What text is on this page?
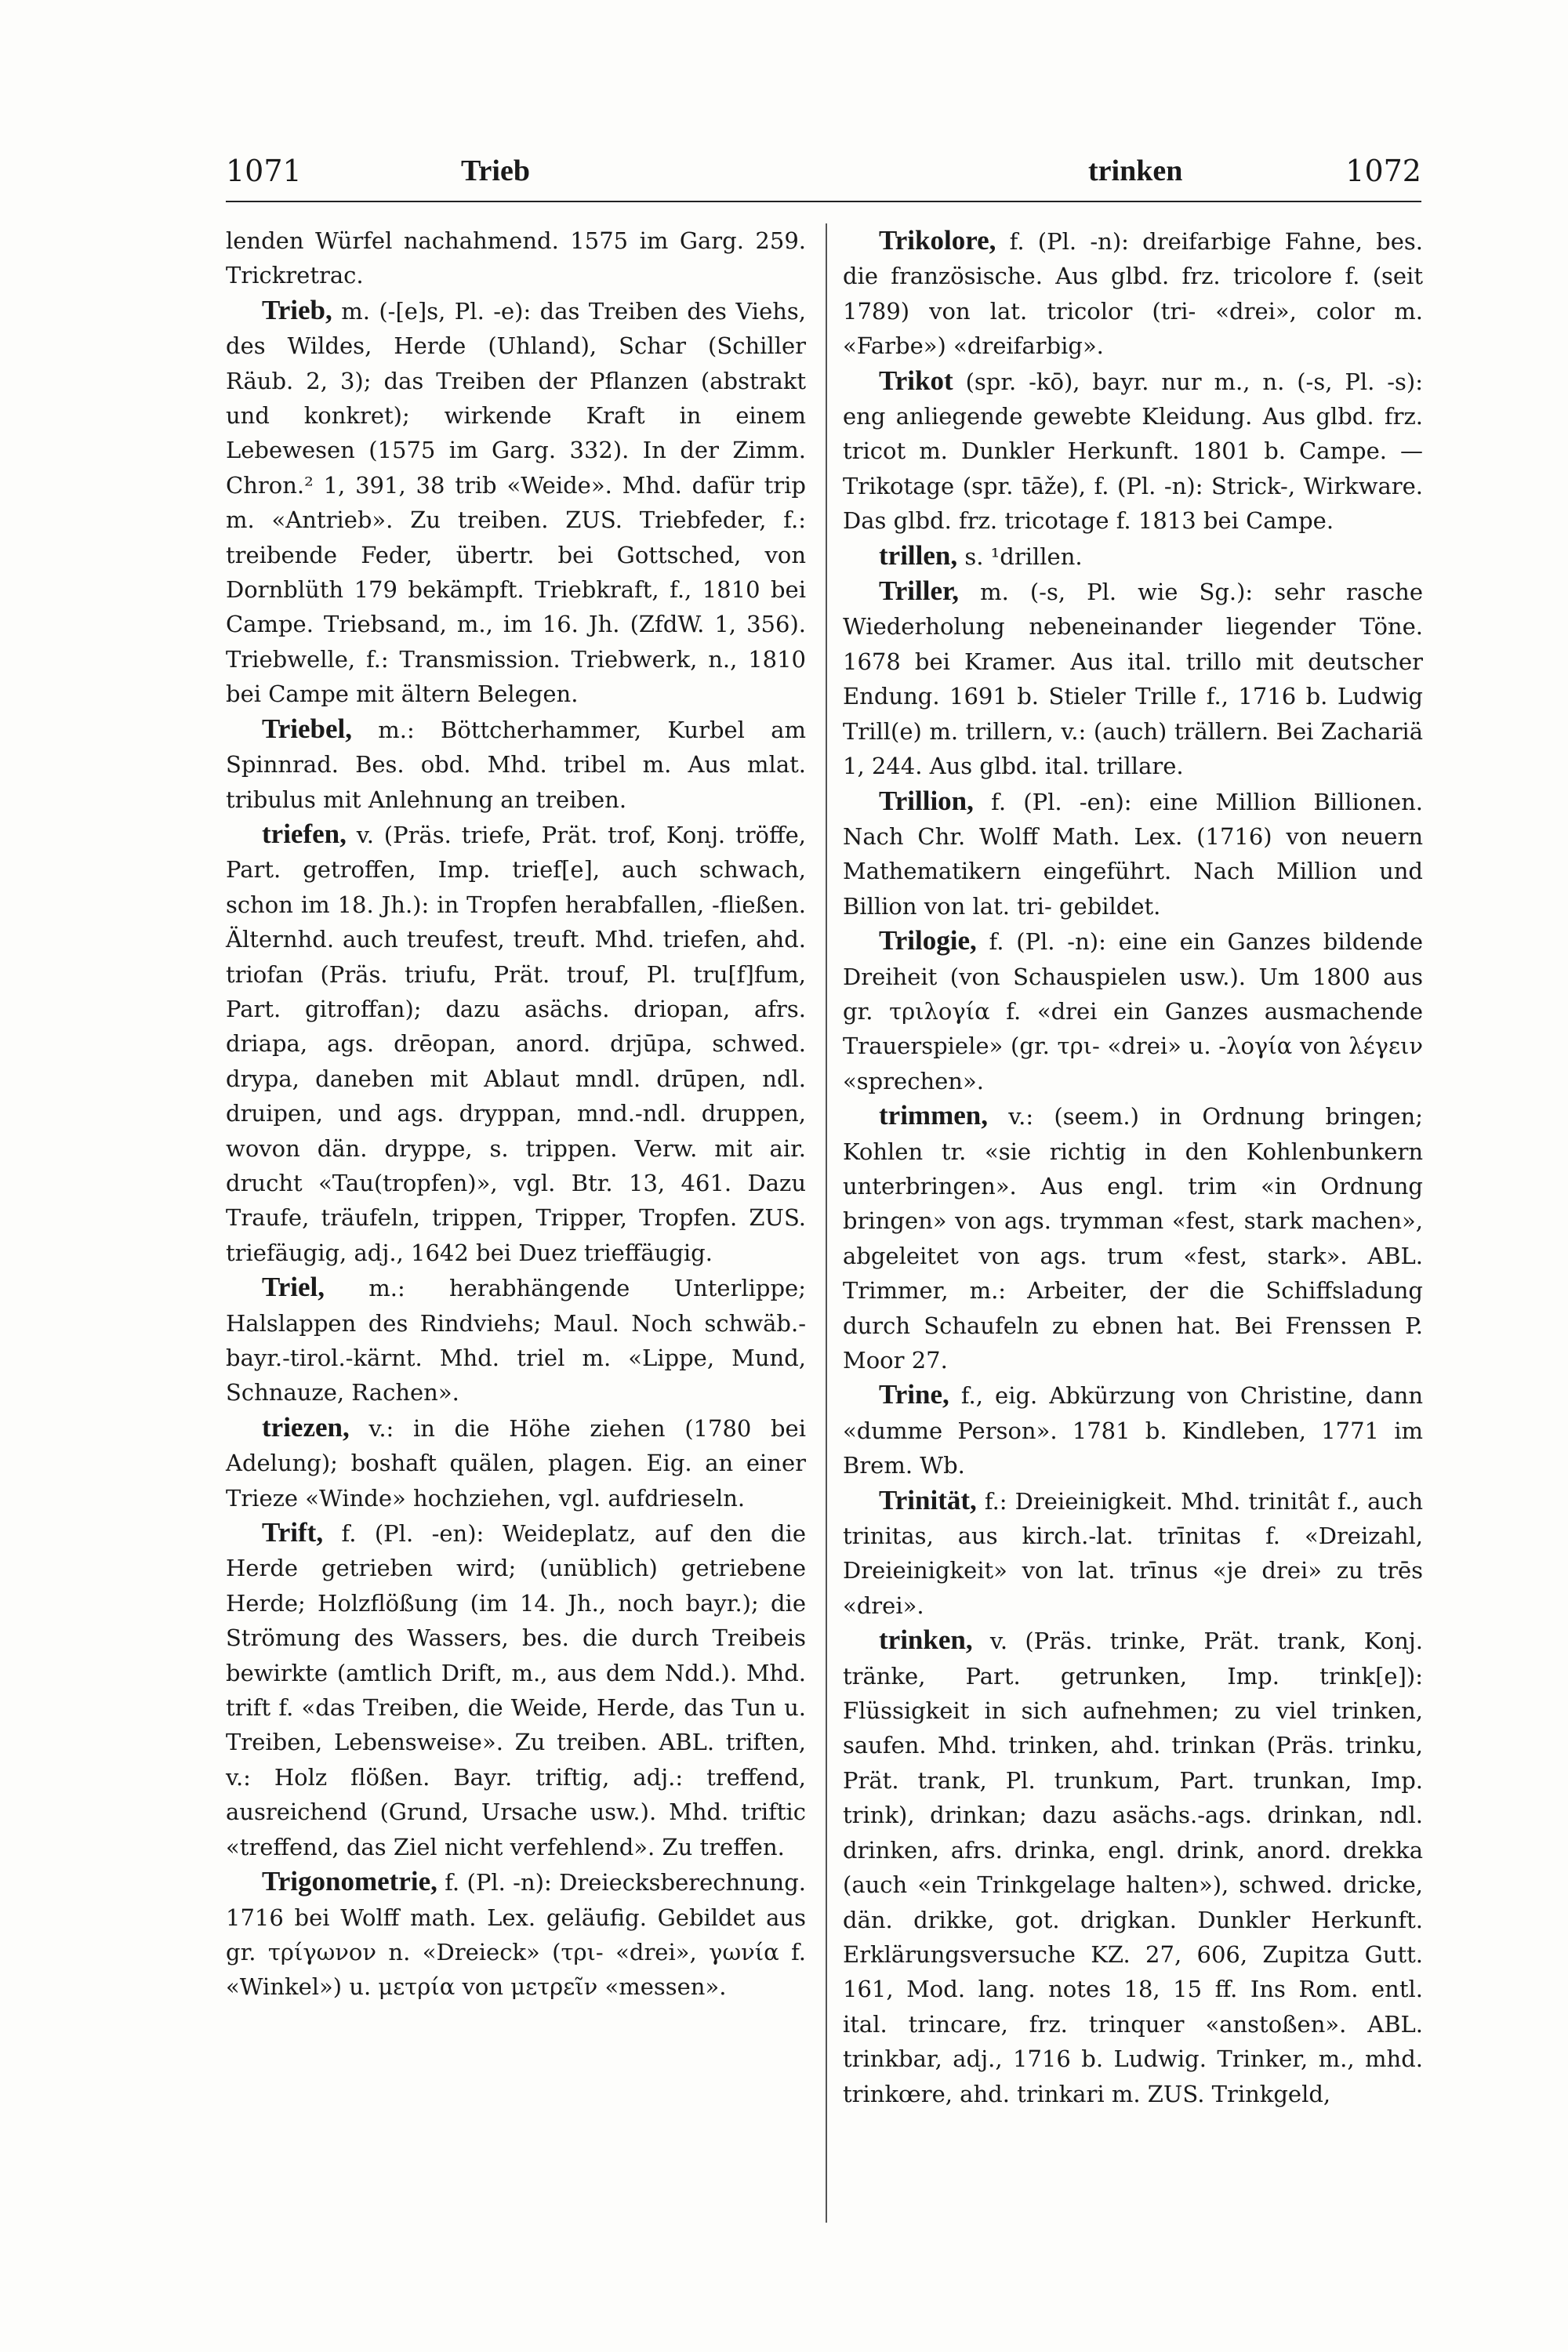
1071	Trieb	trinken	1072

lenden Würfel nachahmend. 1575 im Garg. 259. Trickretrac.

Trieb, m. (-[e]s, Pl. -e): das Treiben des Viehs, des Wildes, Herde (Uhland), Schar (Schiller Räub. 2, 3); das Treiben der Pflanzen (abstrakt und konkret); wirkende Kraft in einem Lebewesen (1575 im Garg. 332). In der Zimm. Chron.² 1, 391, 38 trib «Weide». Mhd. dafür trip m. «Antrieb». Zu treiben. ZUS. Triebfeder, f.: treibende Feder, übertr. bei Gottsched, von Dornblüth 179 bekämpft. Triebkraft, f., 1810 bei Campe. Triebsand, m., im 16. Jh. (ZfdW. 1, 356). Triebwelle, f.: Transmission. Triebwerk, n., 1810 bei Campe mit ältern Belegen.

Triebel, m.: Böttcherhammer, Kurbel am Spinnrad. Bes. obd. Mhd. tribel m. Aus mlat. tribulus mit Anlehnung an treiben.

triefen, v. (Präs. triefe, Prät. trof, Konj. tröffe, Part. getroffen, Imp. trief[e], auch schwach, schon im 18. Jh.): in Tropfen herabfallen, -fließen. Älternhd. auch treufest, treuft. Mhd. triefen, ahd. triofan (Präs. triufu, Prät. trouf, Pl. tru[f]fum, Part. gitroffan); dazu asächs. driopan, afrs. driapa, ags. drēopan, anord. drjūpa, schwed. drypa, daneben mit Ablaut mndl. drūpen, ndl. druipen, und ags. dryppan, mnd.-ndl. druppen, wovon dän. dryppe, s. trippen. Verw. mit air. drucht «Tau(tropfen)», vgl. Btr. 13, 461. Dazu Traufe, träufeln, trippen, Tripper, Tropfen. ZUS. triefäugig, adj., 1642 bei Duez trieffäugig.

Triel, m.: herabhängende Unterlippe; Halslappen des Rindviehs; Maul. Noch schwäb.-bayr.-tirol.-kärnt. Mhd. triel m. «Lippe, Mund, Schnauze, Rachen».

triezen, v.: in die Höhe ziehen (1780 bei Adelung); boshaft quälen, plagen. Eig. an einer Trieze «Winde» hochziehen, vgl. aufdrieseln.

Trift, f. (Pl. -en): Weideplatz, auf den die Herde getrieben wird; (unüblich) getriebene Herde; Holzflößung (im 14. Jh., noch bayr.); die Strömung des Wassers, bes. die durch Treibeis bewirkte (amtlich Drift, m., aus dem Ndd.). Mhd. trift f. «das Treiben, die Weide, Herde, das Tun u. Treiben, Lebensweise». Zu treiben. ABL. triften, v.: Holz flößen. Bayr. triftig, adj.: treffend, ausreichend (Grund, Ursache usw.). Mhd. triftic «treffend, das Ziel nicht verfehlend». Zu treffen.

Trigonometrie, f. (Pl. -n): Dreiecksberechnung. 1716 bei Wolff math. Lex. geläufig. Gebildet aus gr. τρίγωνον n. «Dreieck» (τρι- «drei», γωνία f. «Winkel») u. μετρία von μετρεῖν «messen».

Trikolore, f. (Pl. -n): dreifarbige Fahne, bes. die französische. Aus glbd. frz. tricolore f. (seit 1789) von lat. tricolor (tri- «drei», color m. «Farbe») «dreifarbig».

Trikot (spr. -kō), bayr. nur m., n. (-s, Pl. -s): eng anliegende gewebte Kleidung. Aus glbd. frz. tricot m. Dunkler Herkunft. 1801 b. Campe. — Trikotage (spr. tāže), f. (Pl. -n): Strick-, Wirkware. Das glbd. frz. tricotage f. 1813 bei Campe.

trillen, s. ¹drillen.

Triller, m. (-s, Pl. wie Sg.): sehr rasche Wiederholung nebeneinander liegender Töne. 1678 bei Kramer. Aus ital. trillo mit deutscher Endung. 1691 b. Stieler Trille f., 1716 b. Ludwig Trill(e) m. trillern, v.: (auch) trällern. Bei Zachariä 1, 244. Aus glbd. ital. trillare.

Trillion, f. (Pl. -en): eine Million Billionen. Nach Chr. Wolff Math. Lex. (1716) von neuern Mathematikern eingeführt. Nach Million und Billion von lat. tri- gebildet.

Trilogie, f. (Pl. -n): eine ein Ganzes bildende Dreiheit (von Schauspielen usw.). Um 1800 aus gr. τριλογία f. «drei ein Ganzes ausmachende Trauerspiele» (gr. τρι- «drei» u. -λογία von λέγειν «sprechen».

trimmen, v.: (seem.) in Ordnung bringen; Kohlen tr. «sie richtig in den Kohlenbunkern unterbringen». Aus engl. trim «in Ordnung bringen» von ags. trymman «fest, stark machen», abgeleitet von ags. trum «fest, stark». ABL. Trimmer, m.: Arbeiter, der die Schiffsladung durch Schaufeln zu ebnen hat. Bei Frenssen P. Moor 27.

Trine, f., eig. Abkürzung von Christine, dann «dumme Person». 1781 b. Kindleben, 1771 im Brem. Wb.

Trinität, f.: Dreieinigkeit. Mhd. trinitât f., auch trinitas, aus kirch.-lat. trīnitas f. «Dreizahl, Dreieinigkeit» von lat. trīnus «je drei» zu trēs «drei».

trinken, v. (Präs. trinke, Prät. trank, Konj. tränke, Part. getrunken, Imp. trink[e]): Flüssigkeit in sich aufnehmen; zu viel trinken, saufen. Mhd. trinken, ahd. trinkan (Präs. trinku, Prät. trank, Pl. trunkum, Part. trunkan, Imp. trink), drinkan; dazu asächs.-ags. drinkan, ndl. drinken, afrs. drinka, engl. drink, anord. drekka (auch «ein Trinkgelage halten»), schwed. dricke, dän. drikke, got. drigkan. Dunkler Herkunft. Erklärungsversuche KZ. 27, 606, Zupitza Gutt. 161, Mod. lang. notes 18, 15 ff. Ins Rom. entl. ital. trincare, frz. trinquer «anstoßen». ABL. trinkbar, adj., 1716 b. Ludwig. Trinker, m., mhd. trinkœre, ahd. trinkari m. ZUS. Trinkgeld,
